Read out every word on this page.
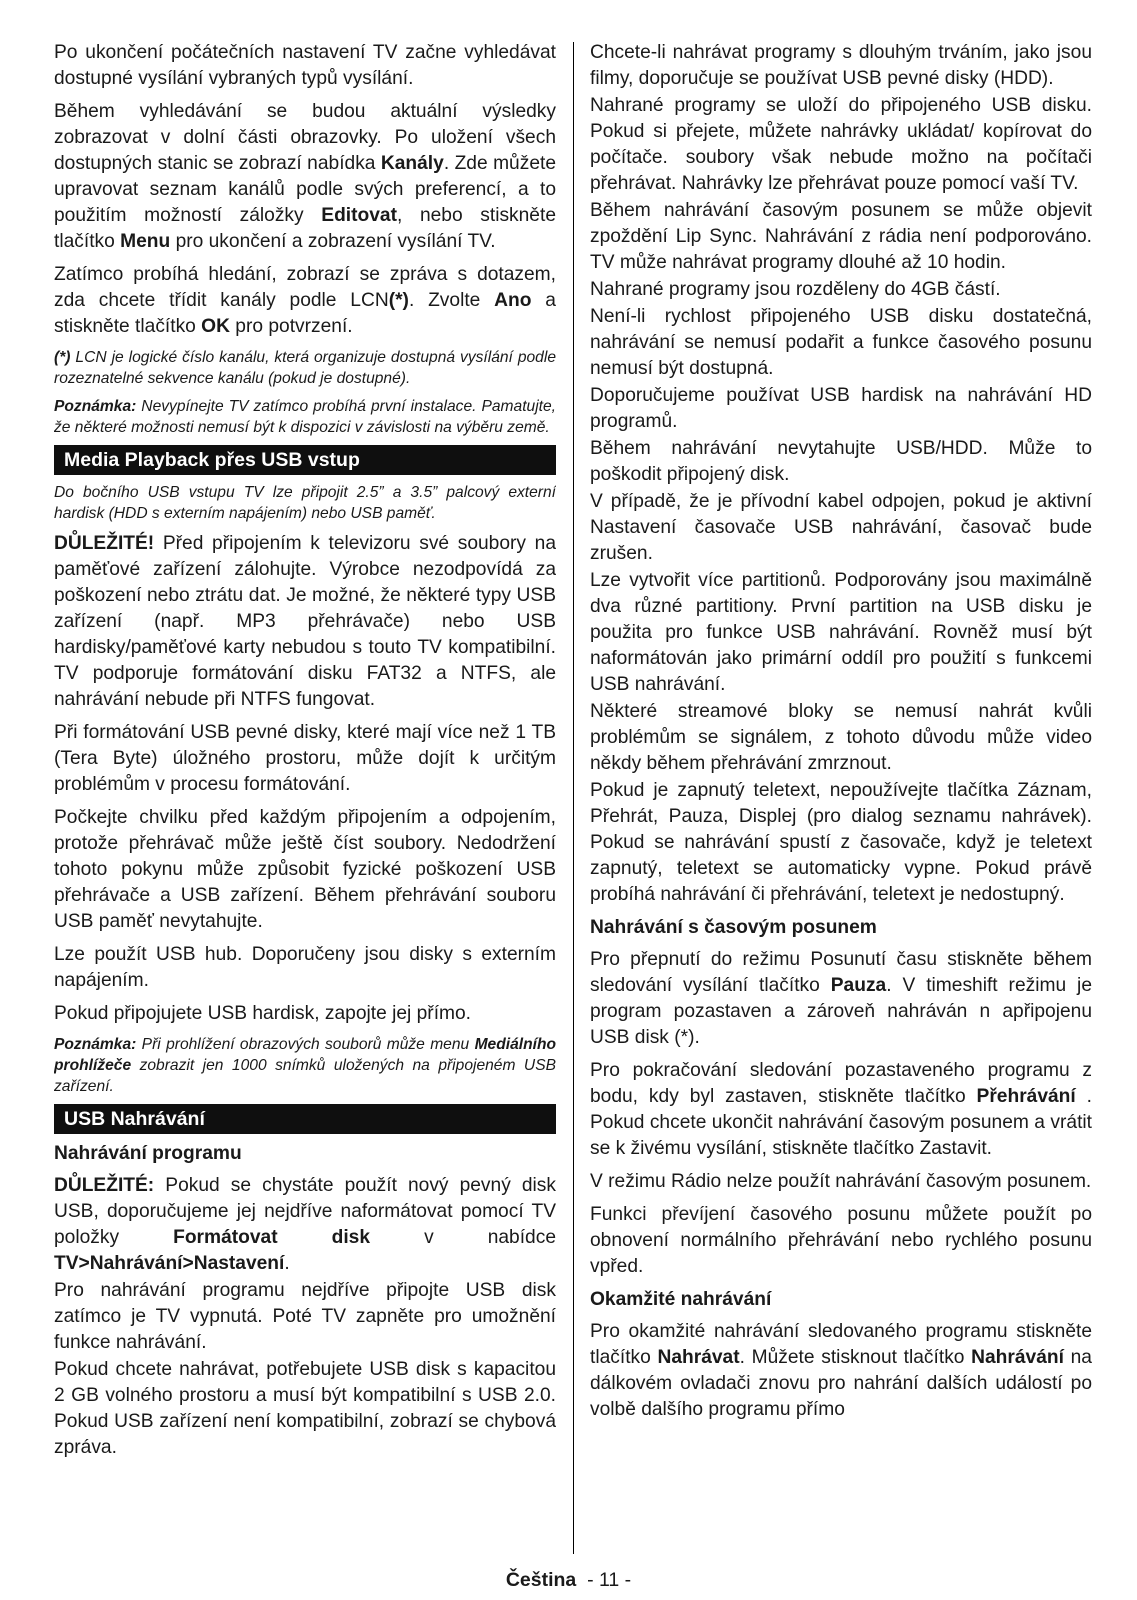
Po ukončení počátečních nastavení TV začne vyhledávat dostupné vysílání vybraných typů vysílání.

Během vyhledávání se budou aktuální výsledky zobrazovat v dolní části obrazovky. Po uložení všech dostupných stanic se zobrazí nabídka Kanály. Zde můžete upravovat seznam kanálů podle svých preferencí, a to použitím možností záložky Editovat, nebo stiskněte tlačítko Menu pro ukončení a zobrazení vysílání TV.

Zatímco probíhá hledání, zobrazí se zpráva s dotazem, zda chcete třídit kanály podle LCN(*). Zvolte Ano a stiskněte tlačítko OK pro potvrzení.

(*) LCN je logické číslo kanálu, která organizuje dostupná vysílání podle rozeznatelné sekvence kanálu (pokud je dostupné).

Poznámka: Nevypínejte TV zatímco probíhá první instalace. Pamatujte, že některé možnosti nemusí být k dispozici v závislosti na výběru země.

Media Playback přes USB vstup

Do bočního USB vstupu TV lze připojit 2.5” a 3.5” palcový externí hardisk (HDD s externím napájením) nebo USB paměť.

DŮLEŽITÉ! Před připojením k televizoru své soubory na paměťové zařízení zálohujte. Výrobce nezodpovídá za poškození nebo ztrátu dat. Je možné, že některé typy USB zařízení (např. MP3 přehrávače) nebo USB hardisky/paměťové karty nebudou s touto TV kompatibilní. TV podporuje formátování disku FAT32 a NTFS, ale nahrávání nebude při NTFS fungovat.

Při formátování USB pevné disky, které mají více než 1 TB (Tera Byte) úložného prostoru, může dojít k určitým problémům v procesu formátování.

Počkejte chvilku před každým připojením a odpojením, protože přehrávač může ještě číst soubory. Nedodržení tohoto pokynu může způsobit fyzické poškození USB přehrávače a USB zařízení. Během přehrávání souboru USB paměť nevytahujte.

Lze použít USB hub. Doporučeny jsou disky s externím napájením.

Pokud připojujete USB hardisk, zapojte jej přímo.

Poznámka: Při prohlížení obrazových souborů může menu Mediálního prohlížeče zobrazit jen 1000 snímků uložených na připojeném USB zařízení.

USB Nahrávání
Nahrávání programu

DŮLEŽITÉ: Pokud se chystáte použít nový pevný disk USB, doporučujeme jej nejdříve naformátovat pomocí TV položky Formátovat disk v nabídce TV>Nahrávání>Nastavení.

Pro nahrávání programu nejdříve připojte USB disk zatímco je TV vypnutá. Poté TV zapněte pro umožnění funkce nahrávání.

Pokud chcete nahrávat, potřebujete USB disk s kapacitou 2 GB volného prostoru a musí být kompatibilní s USB 2.0. Pokud USB zařízení není kompatibilní, zobrazí se chybová zpráva.

Chcete-li nahrávat programy s dlouhým trváním, jako jsou filmy, doporučuje se používat USB pevné disky (HDD).

Nahrané programy se uloží do připojeného USB disku. Pokud si přejete, můžete nahrávky ukládat/ kopírovat do počítače. soubory však nebude možno na počítači přehrávat. Nahrávky lze přehrávat pouze pomocí vaší TV.

Během nahrávání časovým posunem se může objevit zpoždění Lip Sync. Nahrávání z rádia není podporováno. TV může nahrávat programy dlouhé až 10 hodin.

Nahrané programy jsou rozděleny do 4GB částí.

Není-li rychlost připojeného USB disku dostatečná, nahrávání se nemusí podařit a funkce časového posunu nemusí být dostupná.

Doporučujeme používat USB hardisk na nahrávání HD programů.

Během nahrávání nevytahujte USB/HDD. Může to poškodit připojený disk.

V případě, že je přívodní kabel odpojen, pokud je aktivní Nastavení časovače USB nahrávání, časovač bude zrušen.

Lze vytvořit více partitionů. Podporovány jsou maximálně dva různé partitiony. První partition na USB disku je použita pro funkce USB nahrávání. Rovněž musí být naformátován jako primární oddíl pro použití s funkcemi USB nahrávání.

Některé streamové bloky se nemusí nahrát kvůli problémům se signálem, z tohoto důvodu může video někdy během přehrávání zmrznout.

Pokud je zapnutý teletext, nepoužívejte tlačítka Záznam, Přehrát, Pauza, Displej (pro dialog seznamu nahrávek). Pokud se nahrávání spustí z časovače, když je teletext zapnutý, teletext se automaticky vypne. Pokud právě probíhá nahrávání či přehrávání, teletext je nedostupný.

Nahrávání s časovým posunem

Pro přepnutí do režimu Posunutí času stiskněte během sledování vysílání tlačítko Pauza. V timeshift režimu je program pozastaven a zároveň nahráván n apřipojenu USB disk (*).

Pro pokračování sledování pozastaveného programu z bodu, kdy byl zastaven, stiskněte tlačítko Přehrávání . Pokud chcete ukončit nahrávání časovým posunem a vrátit se k živému vysílání, stiskněte tlačítko Zastavit.

V režimu Rádio nelze použít nahrávání časovým posunem.

Funkci převíjení časového posunu můžete použít po obnovení normálního přehrávání nebo rychlého posunu vpřed.

Okamžité nahrávání

Pro okamžité nahrávání sledovaného programu stiskněte tlačítko Nahrávat. Můžete stisknout tlačítko Nahrávání na dálkovém ovladači znovu pro nahrání dalších událostí po volbě dalšího programu přímo

Čeština - 11 -
